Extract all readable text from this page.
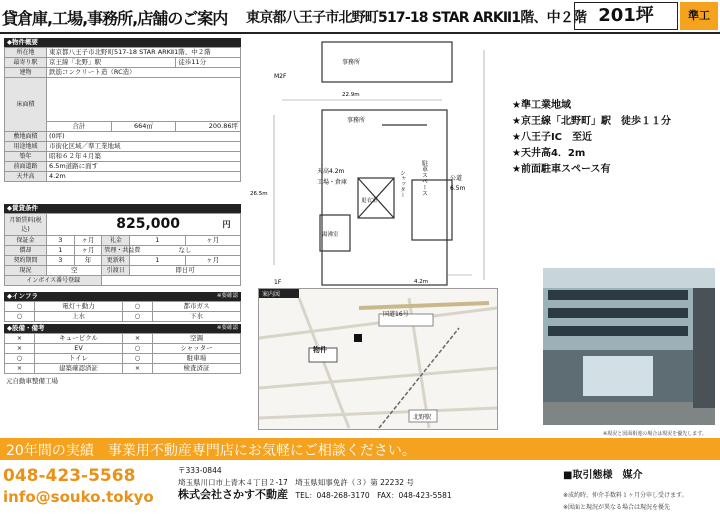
貸倉庫,工場,事務所,店舗のご案内 東京都八王子市北野町517-18 STAR ARKⅡ1階、中２階 201坪	準工
◆物件概要
所在地	東京都八王子市北野町517-18 STAR ARKⅡ1階、中２階		
最寄り駅	京王線「北野」駅		徒歩11分
建物	鉄筋コンクリート造（RC造）		
床面積			
	合計	664㎡	200.86坪

敷地面積	(0坪)		
用途地域	市街化区域／準工業地域		
築年	昭和６２年４月築		
前面道路	6.5m道路に面す		
天井高	4.2m		
◆賃貸条件
月額賃料(税込)	825,000 円				

保証金	3	ヶ月	礼金	1	ヶ月
償却	1	ヶ月	管理・共益費	なし	
契約期間	3	年	更新料	1	ヶ月
現況	空		引渡日	即日可	
インボイス番号登録					
◆インフラ	※要確認
○	電灯＋動力	○	都市ガス
○	上水	○	下水
◆設備・備考	※要確認
×	キュービクル	×	空調
×	EV	○	シャッター
○	トイレ	○	駐車場
×	建築確認済証	×	検査済証
元自動車整備工場
事務所
M2F
22.9m
26.5m
事務所
天高4.2m
工場・倉庫
更衣室
湯沸室
シャッター	駐車スペース	公道
6.5m
4.2m
1F
案内図
国道16号
物件
北野駅
★準工業地域
★京王線「北野町」駅　徒歩１１分
★八王子IC　至近
★天井高4．2m
★前面駐車スペース有
※現況と図面相違の場合は現況を優先します。
20年間の実績　事業用不動産専門店にお気軽にご相談ください。
048-423-5568
info@souko.tokyo
〒333-0844
埼玉県川口市上青木４丁目２-17　埼玉県知事免許（３）第 22232 号
株式会社さかす不動産　 TEL：048-268-3170　FAX：048-423-5581
■取引態様　媒介
※成約時、仲介手数料１ヶ月分申し受けます。
※図面と現況が異なる場合は現況を優先
